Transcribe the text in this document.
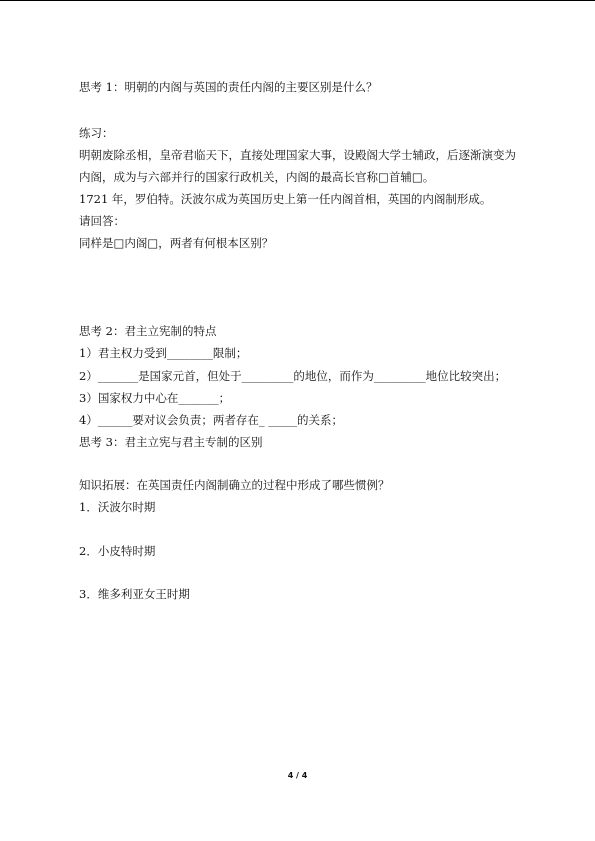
思考 1：明朝的内阁与英国的责任内阁的主要区别是什么？
练习：
明朝废除丞相，皇帝君临天下，直接处理国家大事，设殿阁大学士辅政，后逐渐演变为
内阁，成为与六部并行的国家行政机关，内阁的最高长官称□首辅□。
1721 年，罗伯特。沃波尔成为英国历史上第一任内阁首相，英国的内阁制形成。
请回答：
同样是□内阁□，两者有何根本区别？
思考 2：君主立宪制的特点
1）君主权力受到________限制；
2）_______是国家元首，但处于_________的地位，而作为_________地位比较突出；
3）国家权力中心在_______；
4）______要对议会负责；两者存在_ _____的关系；
思考 3：君主立宪与君主专制的区别
知识拓展：在英国责任内阁制确立的过程中形成了哪些惯例？
1．沃波尔时期
2．小皮特时期
3．维多利亚女王时期
4 / 4
